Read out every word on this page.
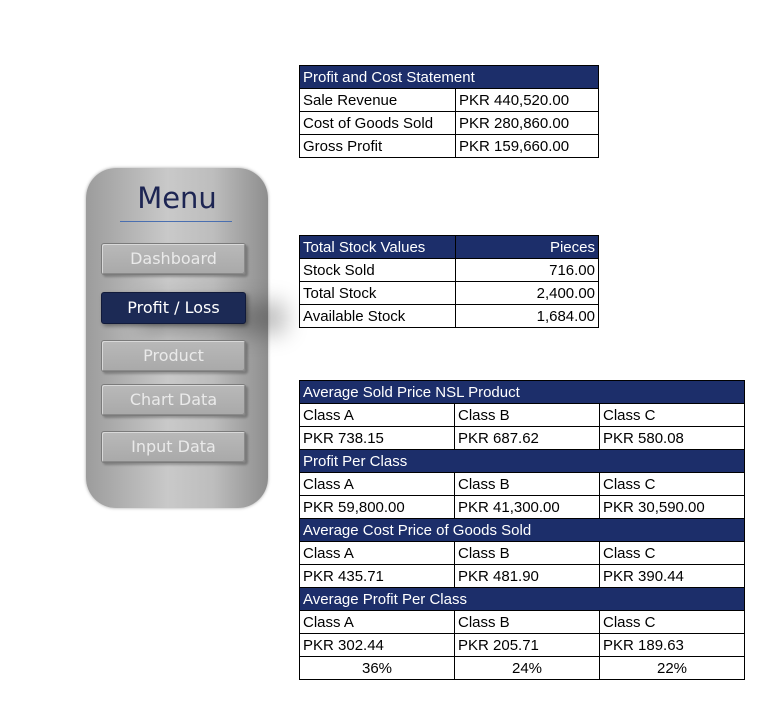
Menu
Dashboard
Profit / Loss
Product
Chart Data
Input Data
Profit and Cost Statement	
Sale Revenue	PKR 440,520.00
Cost of Goods Sold	PKR 280,860.00
Gross Profit	PKR 159,660.00
Total Stock Values	Pieces
Stock Sold	716.00
Total Stock	2,400.00
Available Stock	1,684.00
Average Sold Price NSL Product		
Class A	Class B	Class C
PKR 738.15	PKR 687.62	PKR 580.08
Profit Per Class		
Class A	Class B	Class C
PKR 59,800.00	PKR 41,300.00	PKR 30,590.00
Average Cost Price of Goods Sold		
Class A	Class B	Class C
PKR 435.71	PKR 481.90	PKR 390.44
Average Profit Per Class		
Class A	Class B	Class C
PKR 302.44	PKR 205.71	PKR 189.63
36%	24%	22%
